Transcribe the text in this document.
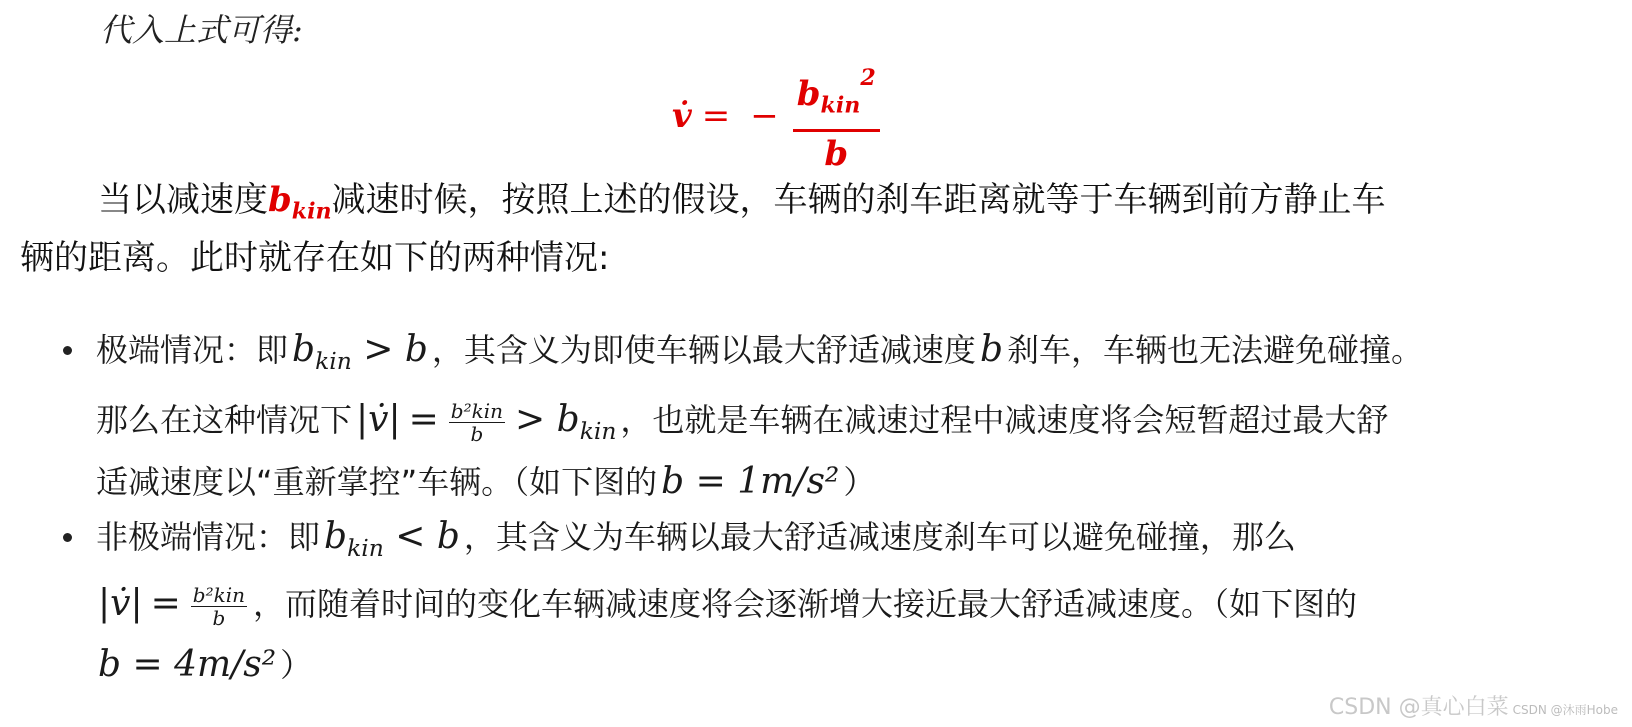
代入上式可得:
v̇ = − $\frac{b_{kin}^2}{b}$
当以减速度$b_{kin}$减速时候，按照上述的假设，车辆的刹车距离就等于车辆到前方静止车
辆的距离。此时就存在如下的两种情况:
极端情况：即 $b_{kin} > b$ ，其含义为即使车辆以最大舒适减速度 b 刹车，车辆也无法避免碰撞。
那么在这种情况下 |v̇| = b²kin
$b > b_{kin}$ ，也就是车辆在减速过程中减速度将会短暂超过最大舒
适减速度以“重新掌控”车辆。（如下图的 b = 1m/s² ）
非极端情况：即 $b_{kin} < b$ ，其含义为车辆以最大舒适减速度刹车可以避免碰撞，那么
|v̇| = b²kin
b ，而随着时间的变化车辆减速度将会逐渐增大接近最大舒适减速度。（如下图的
b = 4m/s² ）
CSDN @真心白菜 CSDN @沐雨Hobe
